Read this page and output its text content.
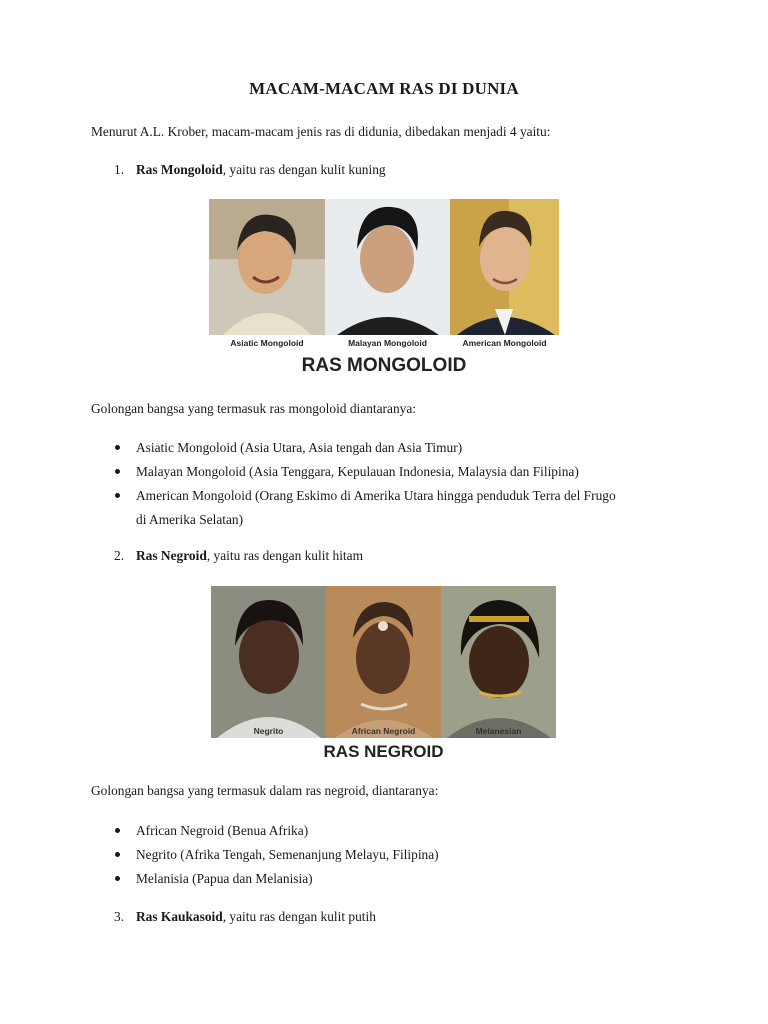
MACAM-MACAM RAS DI DUNIA
Menurut A.L. Krober, macam-macam jenis ras di didunia, dibedakan menjadi 4 yaitu:
1. Ras Mongoloid, yaitu ras dengan kulit kuning
Asiatic Mongoloid	Malayan Mongoloid	American Mongoloid
RAS MONGOLOID
Golongan bangsa yang termasuk ras mongoloid diantaranya:
Asiatic Mongoloid (Asia Utara, Asia tengah dan Asia Timur)
Malayan Mongoloid (Asia Tenggara, Kepulauan Indonesia, Malaysia dan Filipina)
American Mongoloid (Orang Eskimo di Amerika Utara hingga penduduk Terra del Frugo
di Amerika Selatan)
2. Ras Negroid, yaitu ras dengan kulit hitam
Negrito	African Negroid	Melanesian
RAS NEGROID
Golongan bangsa yang termasuk dalam ras negroid, diantaranya:
African Negroid (Benua Afrika)
Negrito (Afrika Tengah, Semenanjung Melayu, Filipina)
Melanisia (Papua dan Melanisia)
3. Ras Kaukasoid, yaitu ras dengan kulit putih
